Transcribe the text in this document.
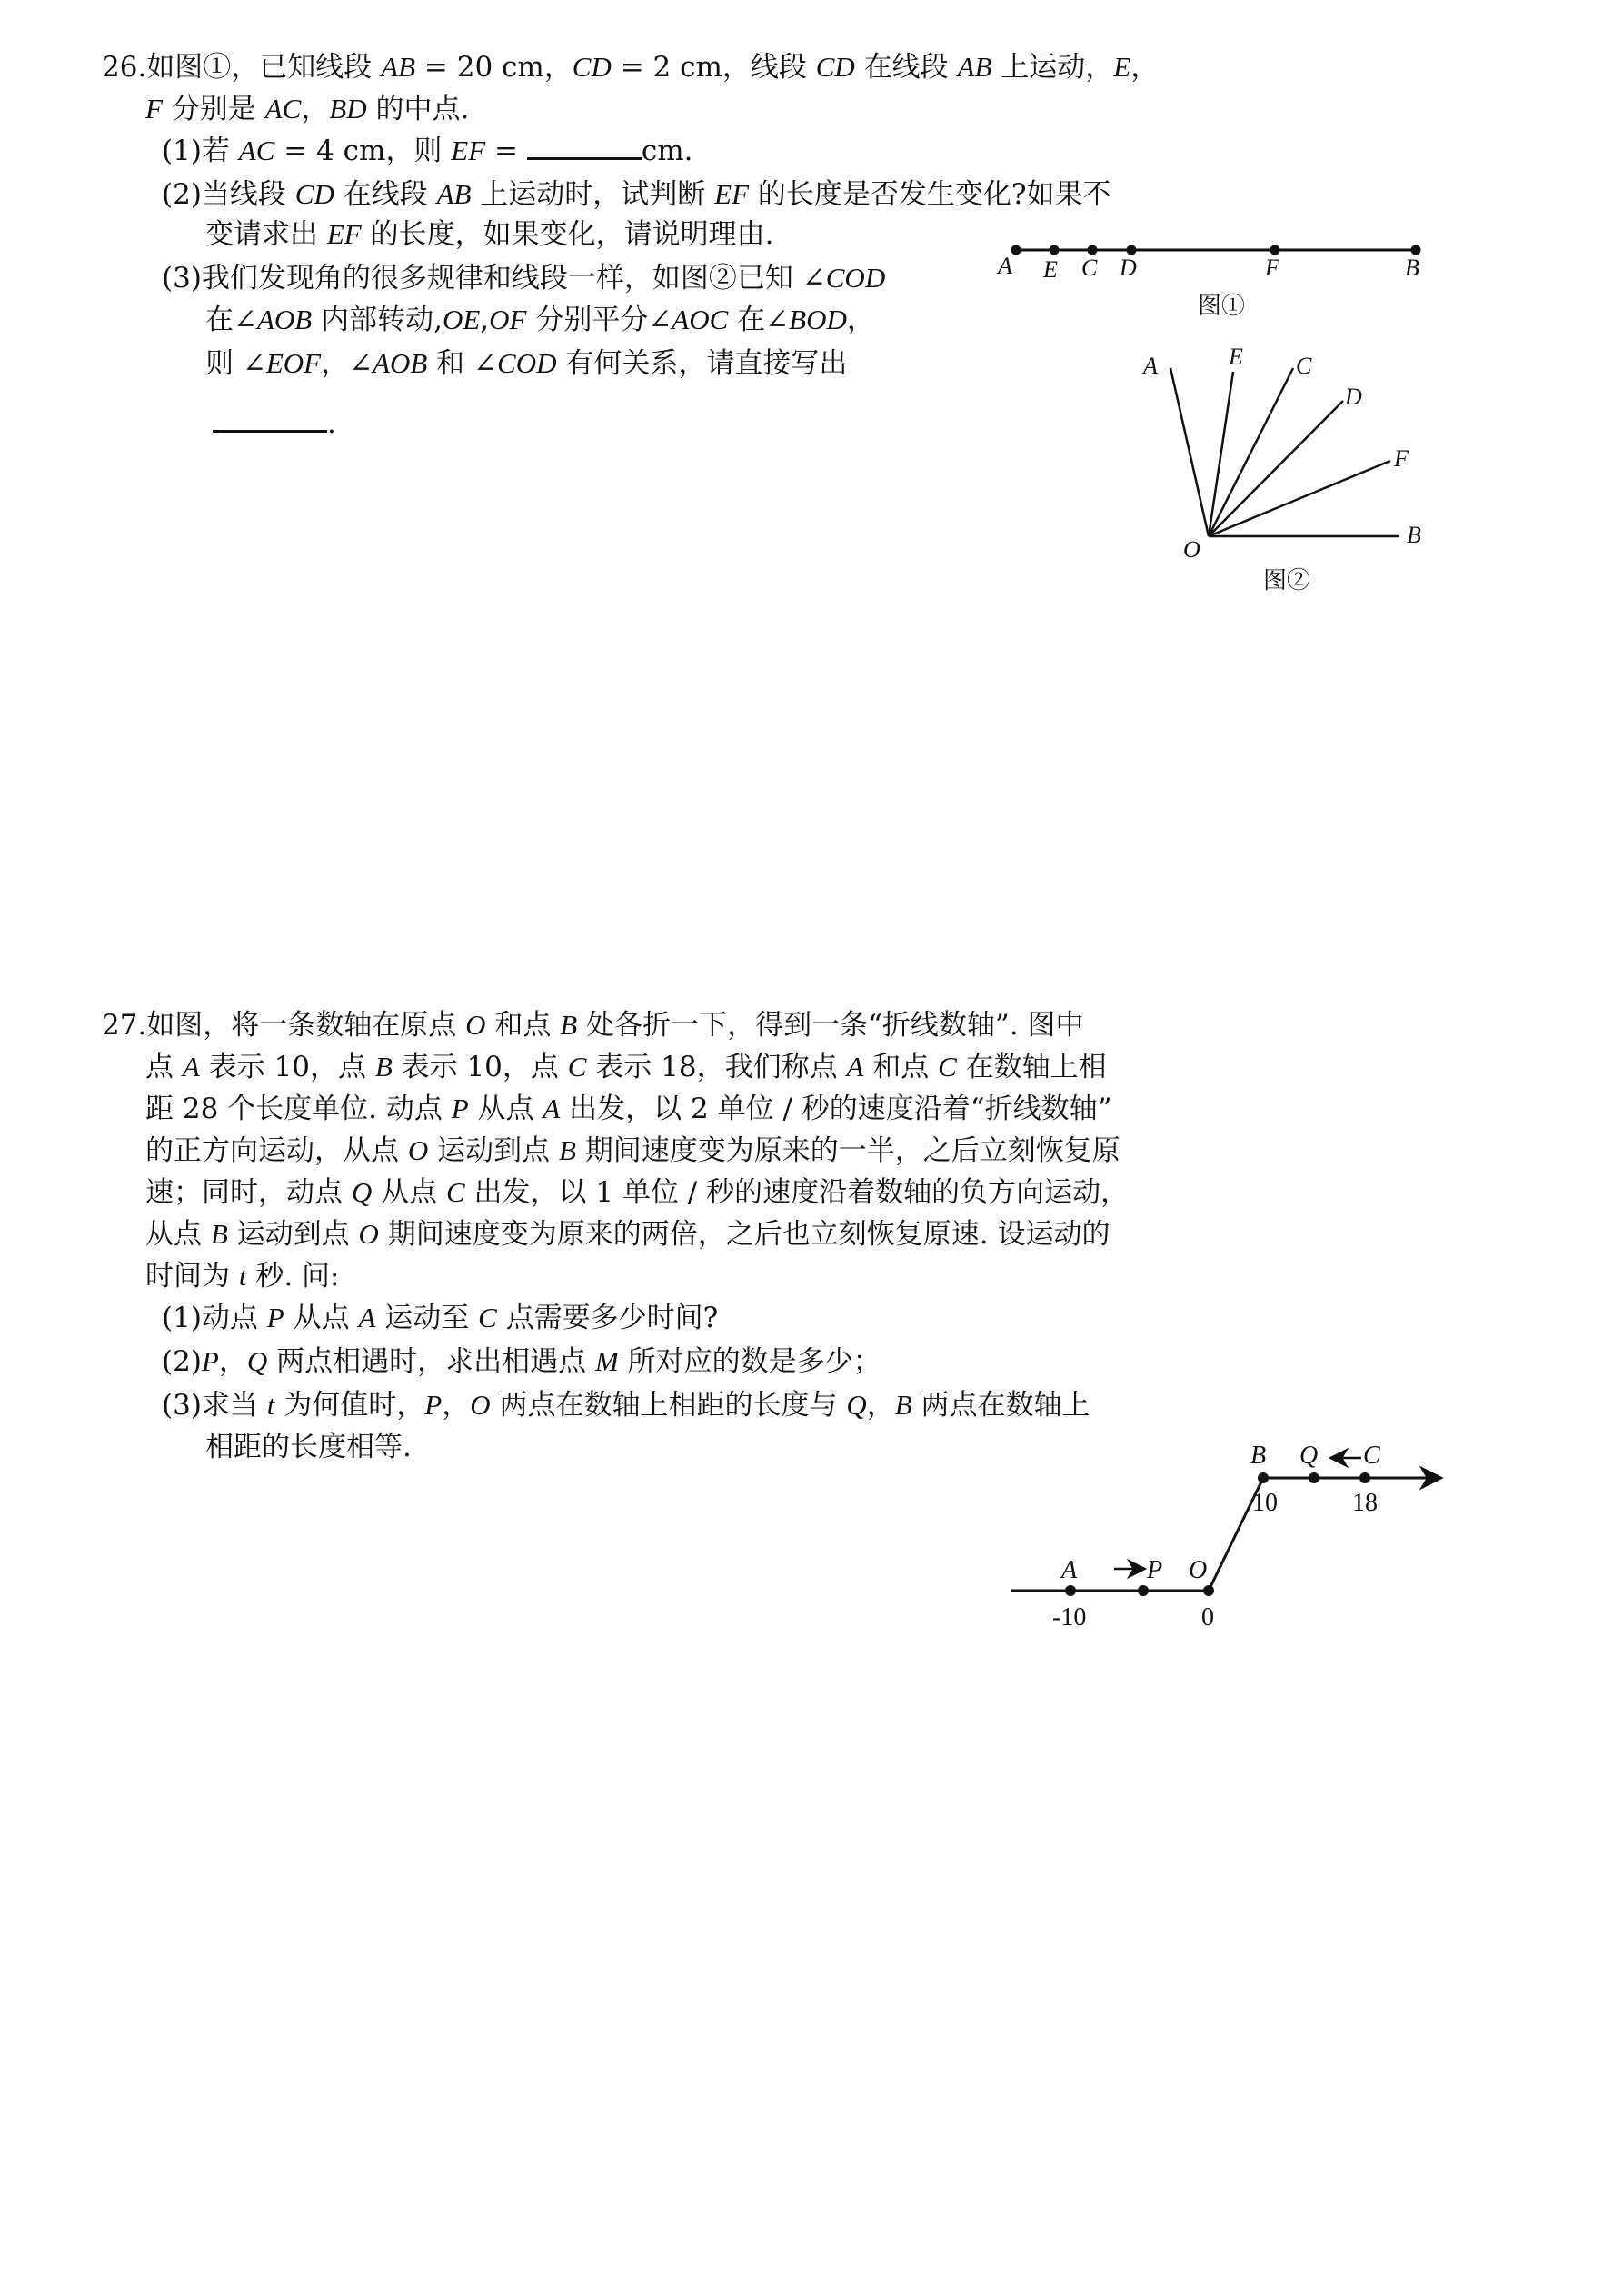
26.如图①，已知线段 AB = 20 cm，CD = 2 cm，线段 CD 在线段 AB 上运动，E，
F 分别是 AC，BD 的中点.
(1)若 AC = 4 cm，则 EF =	cm.
(2)当线段 CD 在线段 AB 上运动时，试判断 EF 的长度是否发生变化?如果不
变请求出 EF 的长度，如果变化，请说明理由.
(3)我们发现角的很多规律和线段一样，如图②已知 ∠COD
在∠AOB 内部转动,OE,OF 分别平分∠AOC 在∠BOD，
则 ∠EOF，∠AOB 和 ∠COD 有何关系，请直接写出
.
A E C D	F	B
图①
A	E C
D
F
B
O
图②
27.如图，将一条数轴在原点 O 和点 B 处各折一下，得到一条“折线数轴”. 图中
点 A 表示 10，点 B 表示 10，点 C 表示 18，我们称点 A 和点 C 在数轴上相
距 28 个长度单位. 动点 P 从点 A 出发，以 2 单位 / 秒的速度沿着“折线数轴”
的正方向运动，从点 O 运动到点 B 期间速度变为原来的一半，之后立刻恢复原
速；同时，动点 Q 从点 C 出发，以 1 单位 / 秒的速度沿着数轴的负方向运动，
从点 B 运动到点 O 期间速度变为原来的两倍，之后也立刻恢复原速. 设运动的
时间为 t 秒. 问:
(1)动点 P 从点 A 运动至 C 点需要多少时间?
(2)P，Q 两点相遇时，求出相遇点 M 所对应的数是多少；
(3)求当 t 为何值时，P，O 两点在数轴上相距的长度与 Q，B 两点在数轴上
相距的长度相等.
A	P O
B Q C
-10	0
10	18
